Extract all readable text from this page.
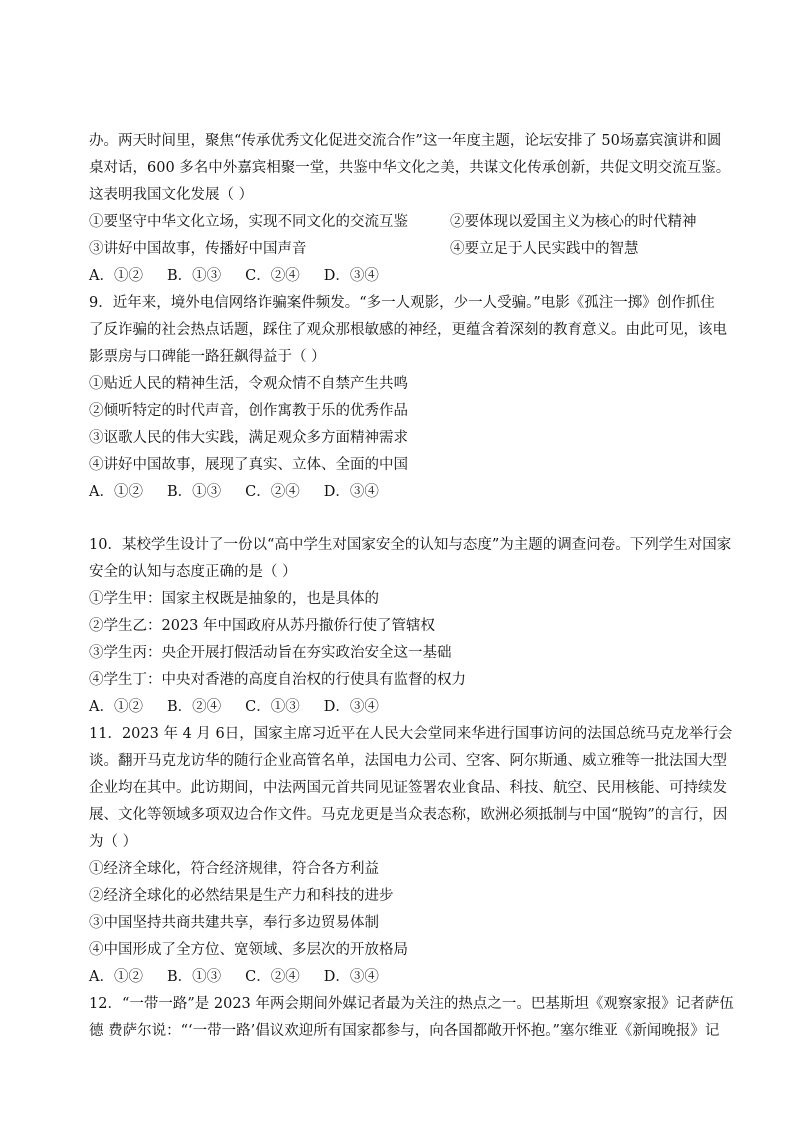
办。两天时间里，聚焦“传承优秀文化促进交流合作”这一年度主题，论坛安排了 50场嘉宾演讲和圆
桌对话，600 多名中外嘉宾相聚一堂，共鉴中华文化之美，共谋文化传承创新，共促文明交流互鉴。
这表明我国文化发展（ ）
①要坚守中华文化立场，实现不同文化的交流互鉴	②要体现以爱国主义为核心的时代精神
③讲好中国故事，传播好中国声音	④要立足于人民实践中的智慧
A．①② B．①③ C．②④ D．③④
9．近年来，境外电信网络诈骗案件频发。“多一人观影，少一人受骗。”电影《孤注一掷》创作抓住
了反诈骗的社会热点话题，踩住了观众那根敏感的神经，更蕴含着深刻的教育意义。由此可见，该电
影票房与口碑能一路狂飙得益于（ ）
①贴近人民的精神生活，令观众情不自禁产生共鸣
②倾听特定的时代声音，创作寓教于乐的优秀作品
③讴歌人民的伟大实践，满足观众多方面精神需求
④讲好中国故事，展现了真实、立体、全面的中国
A．①② B．①③ C．②④ D．③④
10．某校学生设计了一份以“高中学生对国家安全的认知与态度”为主题的调查问卷。下列学生对国家
安全的认知与态度正确的是（ ）
①学生甲：国家主权既是抽象的，也是具体的
②学生乙：2023 年中国政府从苏丹撤侨行使了管辖权
③学生丙：央企开展打假活动旨在夯实政治安全这一基础
④学生丁：中央对香港的高度自治权的行使具有监督的权力
A．①② B．②④ C．①③ D．③④
11．2023 年 4 月 6日，国家主席习近平在人民大会堂同来华进行国事访问的法国总统马克龙举行会
谈。翻开马克龙访华的随行企业高管名单，法国电力公司、空客、阿尔斯通、威立雅等一批法国大型
企业均在其中。此访期间，中法两国元首共同见证签署农业食品、科技、航空、民用核能、可持续发
展、文化等领域多项双边合作文件。马克龙更是当众表态称，欧洲必须抵制与中国“脱钩”的言行，因
为（ ）
①经济全球化，符合经济规律，符合各方利益
②经济全球化的必然结果是生产力和科技的进步
③中国坚持共商共建共享，奉行多边贸易体制
④中国形成了全方位、宽领域、多层次的开放格局
A．①② B．①③ C．②④ D．③④
12．“一带一路”是 2023 年两会期间外媒记者最为关注的热点之一。巴基斯坦《观察家报》记者萨伍
德 费萨尔说：“‘一带一路’倡议欢迎所有国家都参与，向各国都敞开怀抱。”塞尔维亚《新闻晚报》记
